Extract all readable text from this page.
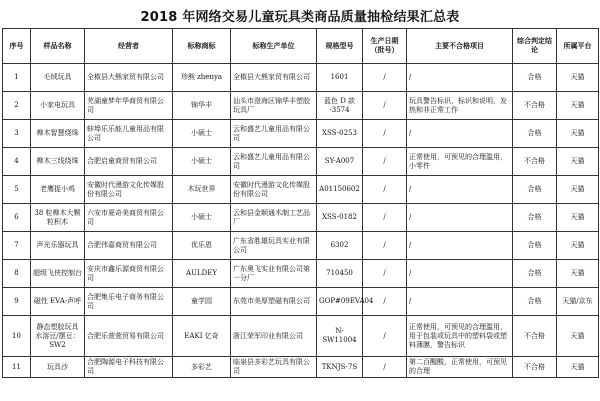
2018 年网络交易儿童玩具类商品质量抽检结果汇总表
序号	样品名称	经营者	标称商标	标称生产单位	规格型号	生产日期（批号）	主要不合格项目	综合判定结论	所属平台
1	毛绒玩具	全椒县大熊家贸有限公司	珍熊 zhenya	全椒县大熊家贸有限公司	1601	/	/	合格	天猫
2	小家电玩具	芜湖童梦年华商贸有限公司	锦华丰	汕头市澄海区锦华丰塑胶玩具厂	蓝色 D 款 -3574	/	玩具警告标识，标识和说明，发热和非正常工作	不合格	天猫
3	榫木智慧绕珠	蚌埠乐乐能儿童用品有限公司	小硕士	云和盛艺儿童用品有限公司	XSS-0253	/	/	合格	天猫
4	榫木三线绕珠	合肥启童商贸有限公司	小硕士	云和盛艺儿童用品有限公司	SY-A007	/	正常使用，可预见的合理滥用，小零件	不合格	天猫
5	老鹰捉小鸡	安徽时代漫游文化传媒股份有限公司	木玩世界	安徽时代漫游文化传媒股份有限公司	A01150602	/	/	合格	天猫
6	38 粒榫木大颗粒积木	六安市夏奇美商贸有限公司	小硕士	云和县金顺通木制工艺品厂	XSS-0182	/	/	合格	天猫
7	声光乐器玩具	合肥伟嘉商贸有限公司	优乐恩	广东省胜雄玩具实业有限公司	6302	/	/	合格	天猫
8	超级飞侠控制台	安庆市鑫乐源商贸有限公司	AULDEY	广东奥飞实业有限公司第一分厂	710450	/	/	合格	天猫
9	磁性 EVA-声呼	合肥集乐电子商务有限公司	童学园	东莞市美厚塑磁有限公司	GOP#09EVA04	/	/	合格	天猫/京东
10	静态塑胶玩具 水溶豆/摆豆：SW2	合肥乐萱萱贸易有限公司	EAKI 亿奇	浙江荣军印业有限公司	N-SW11004	/	正常使用，可预见的合理滥用，用于包装或玩具中的塑料袋或塑料薄膜，警告标识	不合格	天猫
11	玩具沙	合肥陶源电子科技有限公司	多彩艺	临泉县多彩艺玩具有限公司	TKNJS-7S	/	第二百醒酸，正常使用，可预见的合理	不合格	天猫
